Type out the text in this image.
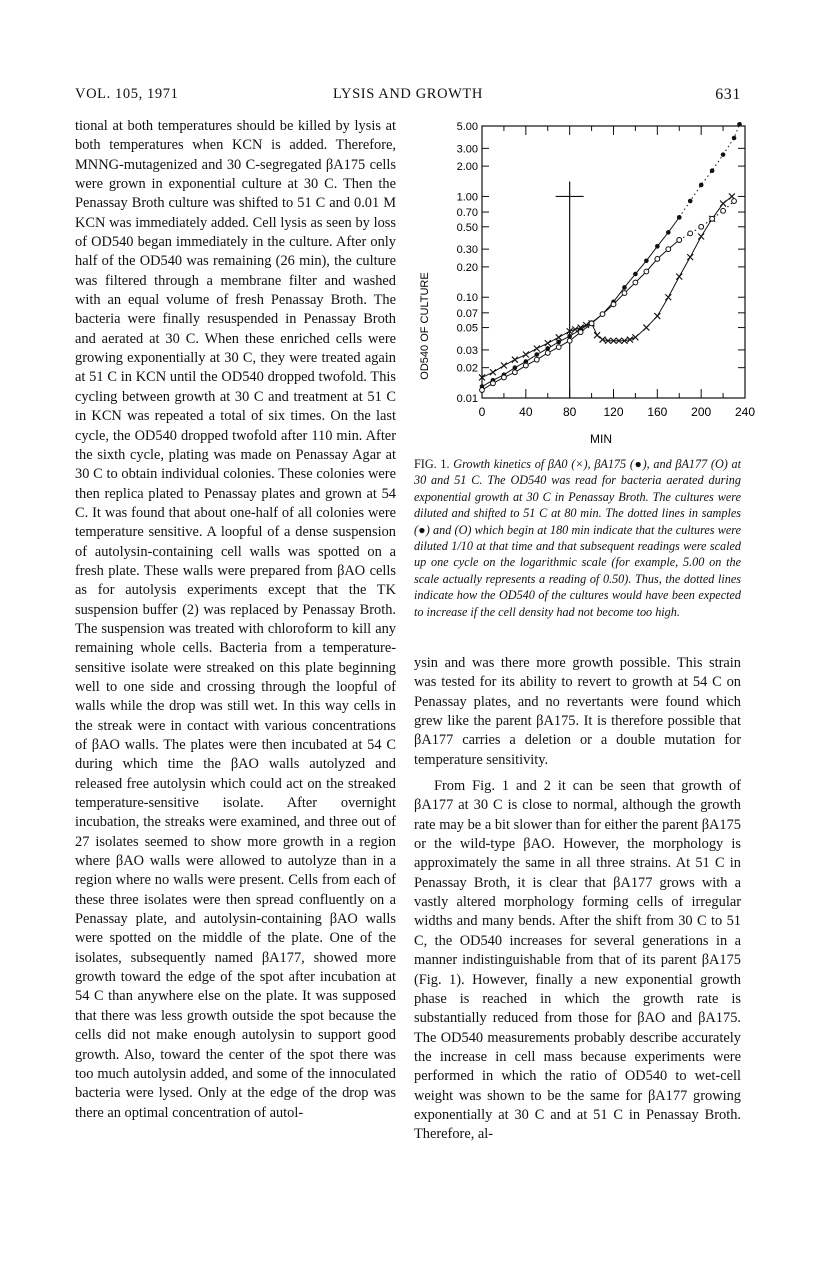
VOL. 105, 1971	LYSIS AND GROWTH	631

tional at both temperatures should be killed by lysis at both temperatures when KCN is added. Therefore, MNNG-mutagenized and 30 C-segregated βA175 cells were grown in exponential culture at 30 C. Then the Penassay Broth culture was shifted to 51 C and 0.01 M KCN was immediately added. Cell lysis as seen by loss of OD540 began immediately in the culture. After only half of the OD540 was remaining (26 min), the culture was filtered through a membrane filter and washed with an equal volume of fresh Penassay Broth. The bacteria were finally resuspended in Penassay Broth and aerated at 30 C. When these enriched cells were growing exponentially at 30 C, they were treated again at 51 C in KCN until the OD540 dropped twofold. This cycling between growth at 30 C and treatment at 51 C in KCN was repeated a total of six times. On the last cycle, the OD540 dropped twofold after 110 min. After the sixth cycle, plating was made on Penassay Agar at 30 C to obtain individual colonies. These colonies were then replica plated to Penassay plates and grown at 54 C. It was found that about one-half of all colonies were temperature sensitive. A loopful of a dense suspension of autolysin-containing cell walls was spotted on a fresh plate. These walls were prepared from βAO cells as for autolysis experiments except that the TK suspension buffer (2) was replaced by Penassay Broth. The suspension was treated with chloroform to kill any remaining whole cells. Bacteria from a temperature-sensitive isolate were streaked on this plate beginning well to one side and crossing through the loopful of walls while the drop was still wet. In this way cells in the streak were in contact with various concentrations of βAO walls. The plates were then incubated at 54 C during which time the βAO walls autolyzed and released free autolysin which could act on the streaked temperature-sensitive isolate. After overnight incubation, the streaks were examined, and three out of 27 isolates seemed to show more growth in a region where βAO walls were allowed to autolyze than in a region where no walls were present. Cells from each of these three isolates were then spread confluently on a Penassay plate, and autolysin-containing βAO walls were spotted on the middle of the plate. One of the isolates, subsequently named βA177, showed more growth toward the edge of the spot after incubation at 54 C than anywhere else on the plate. It was supposed that there was less growth outside the spot because the cells did not make enough autolysin to support good growth. Also, toward the center of the spot there was too much autolysin added, and some of the innoculated bacteria were lysed. Only at the edge of the drop was there an optimal concentration of autol-

0	40	80 120 160 200 240
0.01
0.02
0.03
0.05
0.07
0.10
0.20
0.30
0.50
0.70
1.00
2.00
3.00
5.00
OD540 OF CULTURE
MIN
FIG. 1. Growth kinetics of βA0 (×), βA175 (●), and βA177 (O) at 30 and 51 C. The OD540 was read for bacteria aerated during exponential growth at 30 C in Penassay Broth. The cultures were diluted and shifted to 51 C at 80 min. The dotted lines in samples (●) and (O) which begin at 180 min indicate that the cultures were diluted 1/10 at that time and that subsequent readings were scaled up one cycle on the logarithmic scale (for example, 5.00 on the scale actually represents a reading of 0.50). Thus, the dotted lines indicate how the OD540 of the cultures would have been expected to increase if the cell density had not become too high.

ysin and was there more growth possible. This strain was tested for its ability to revert to growth at 54 C on Penassay plates, and no revertants were found which grew like the parent βA175. It is therefore possible that βA177 carries a deletion or a double mutation for temperature sensitivity.

From Fig. 1 and 2 it can be seen that growth of βA177 at 30 C is close to normal, although the growth rate may be a bit slower than for either the parent βA175 or the wild-type βAO. However, the morphology is approximately the same in all three strains. At 51 C in Penassay Broth, it is clear that βA177 grows with a vastly altered morphology forming cells of irregular widths and many bends. After the shift from 30 C to 51 C, the OD540 increases for several generations in a manner indistinguishable from that of its parent βA175 (Fig. 1). However, finally a new exponential growth phase is reached in which the growth rate is substantially reduced from those for βAO and βA175. The OD540 measurements probably describe accurately the increase in cell mass because experiments were performed in which the ratio of OD540 to wet-cell weight was shown to be the same for βA177 growing exponentially at 30 C and at 51 C in Penassay Broth. Therefore, al-
